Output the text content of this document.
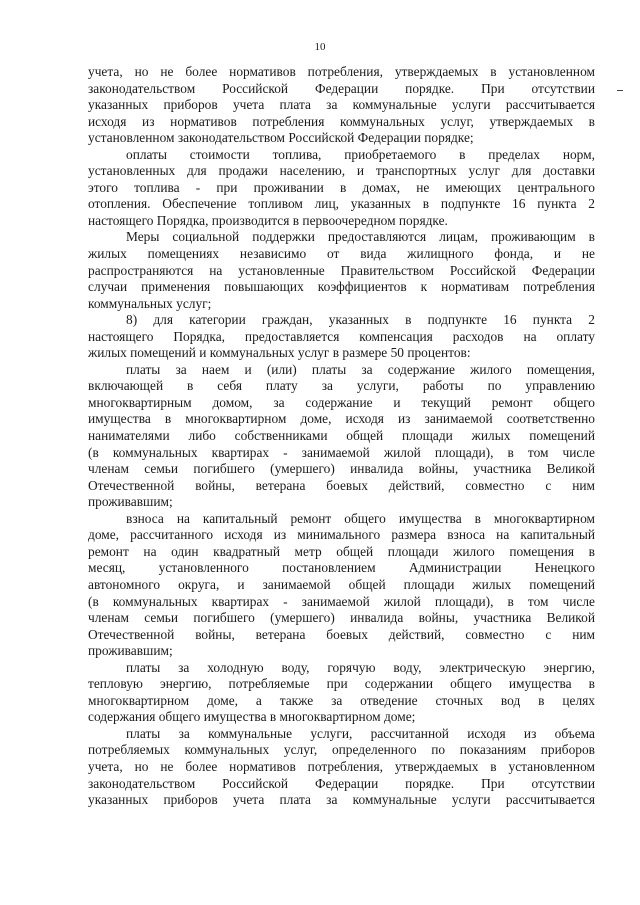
10

учета, но не более нормативов потребления, утверждаемых в установленном

законодательством Российской Федерации порядке. При отсутствии

указанных приборов учета плата за коммунальные услуги рассчитывается

исходя из нормативов потребления коммунальных услуг, утверждаемых в

установленном законодательством Российской Федерации порядке;

оплаты стоимости топлива, приобретаемого в пределах норм,

установленных для продажи населению, и транспортных услуг для доставки

этого топлива - при проживании в домах, не имеющих центрального

отопления. Обеспечение топливом лиц, указанных в подпункте 16 пункта 2

настоящего Порядка, производится в первоочередном порядке.

Меры социальной поддержки предоставляются лицам, проживающим в

жилых помещениях независимо от вида жилищного фонда, и не

распространяются на установленные Правительством Российской Федерации

случаи применения повышающих коэффициентов к нормативам потребления

коммунальных услуг;

8) для категории граждан, указанных в подпункте 16 пункта 2

настоящего Порядка, предоставляется компенсация расходов на оплату

жилых помещений и коммунальных услуг в размере 50 процентов:

платы за наем и (или) платы за содержание жилого помещения,

включающей в себя плату за услуги, работы по управлению

многоквартирным домом, за содержание и текущий ремонт общего

имущества в многоквартирном доме, исходя из занимаемой соответственно

нанимателями либо собственниками общей площади жилых помещений

(в коммунальных квартирах - занимаемой жилой площади), в том числе

членам семьи погибшего (умершего) инвалида войны, участника Великой

Отечественной войны, ветерана боевых действий, совместно с ним

проживавшим;

взноса на капитальный ремонт общего имущества в многоквартирном

доме, рассчитанного исходя из минимального размера взноса на капитальный

ремонт на один квадратный метр общей площади жилого помещения в

месяц, установленного постановлением Администрации Ненецкого

автономного округа, и занимаемой общей площади жилых помещений

(в коммунальных квартирах - занимаемой жилой площади), в том числе

членам семьи погибшего (умершего) инвалида войны, участника Великой

Отечественной войны, ветерана боевых действий, совместно с ним

проживавшим;

платы за холодную воду, горячую воду, электрическую энергию,

тепловую энергию, потребляемые при содержании общего имущества в

многоквартирном доме, а также за отведение сточных вод в целях

содержания общего имущества в многоквартирном доме;

платы за коммунальные услуги, рассчитанной исходя из объема

потребляемых коммунальных услуг, определенного по показаниям приборов

учета, но не более нормативов потребления, утверждаемых в установленном

законодательством Российской Федерации порядке. При отсутствии

указанных приборов учета плата за коммунальные услуги рассчитывается
